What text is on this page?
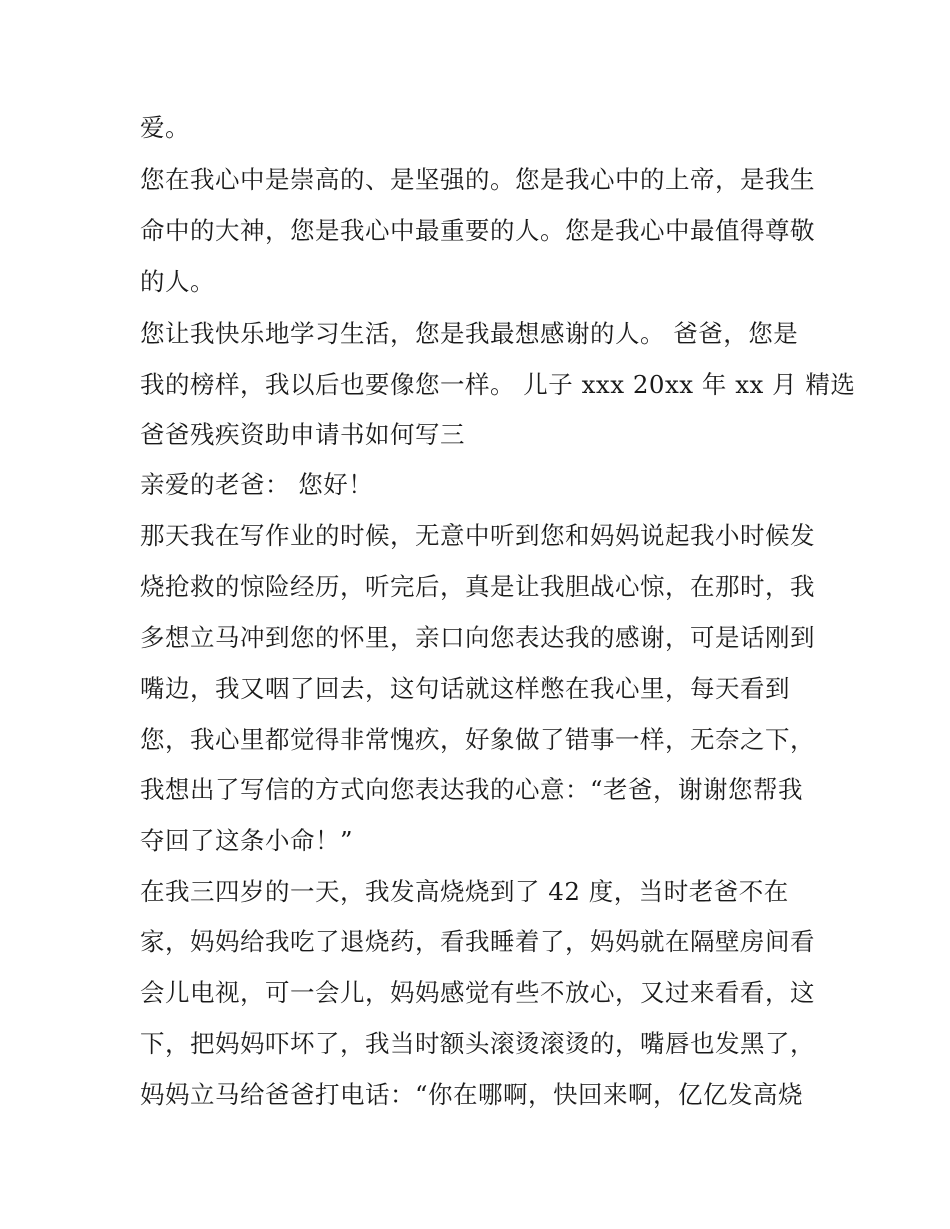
爱。

您在我心中是崇高的、是坚强的。您是我心中的上帝，是我生

命中的大神，您是我心中最重要的人。您是我心中最值得尊敬

的人。

您让我快乐地学习生活，您是我最想感谢的人。 爸爸，您是

我的榜样，我以后也要像您一样。 儿子 xxx 20xx 年 xx 月 精选

爸爸残疾资助申请书如何写三

亲爱的老爸： 您好！

那天我在写作业的时候，无意中听到您和妈妈说起我小时候发

烧抢救的惊险经历，听完后，真是让我胆战心惊，在那时，我

多想立马冲到您的怀里，亲口向您表达我的感谢，可是话刚到

嘴边，我又咽了回去，这句话就这样憋在我心里，每天看到

您，我心里都觉得非常愧疚，好象做了错事一样，无奈之下，

我想出了写信的方式向您表达我的心意：“老爸，谢谢您帮我

夺回了这条小命！”

在我三四岁的一天，我发高烧烧到了 42 度，当时老爸不在

家，妈妈给我吃了退烧药，看我睡着了，妈妈就在隔壁房间看

会儿电视，可一会儿，妈妈感觉有些不放心，又过来看看，这

下，把妈妈吓坏了，我当时额头滚烫滚烫的，嘴唇也发黑了，

妈妈立马给爸爸打电话：“你在哪啊，快回来啊，亿亿发高烧
